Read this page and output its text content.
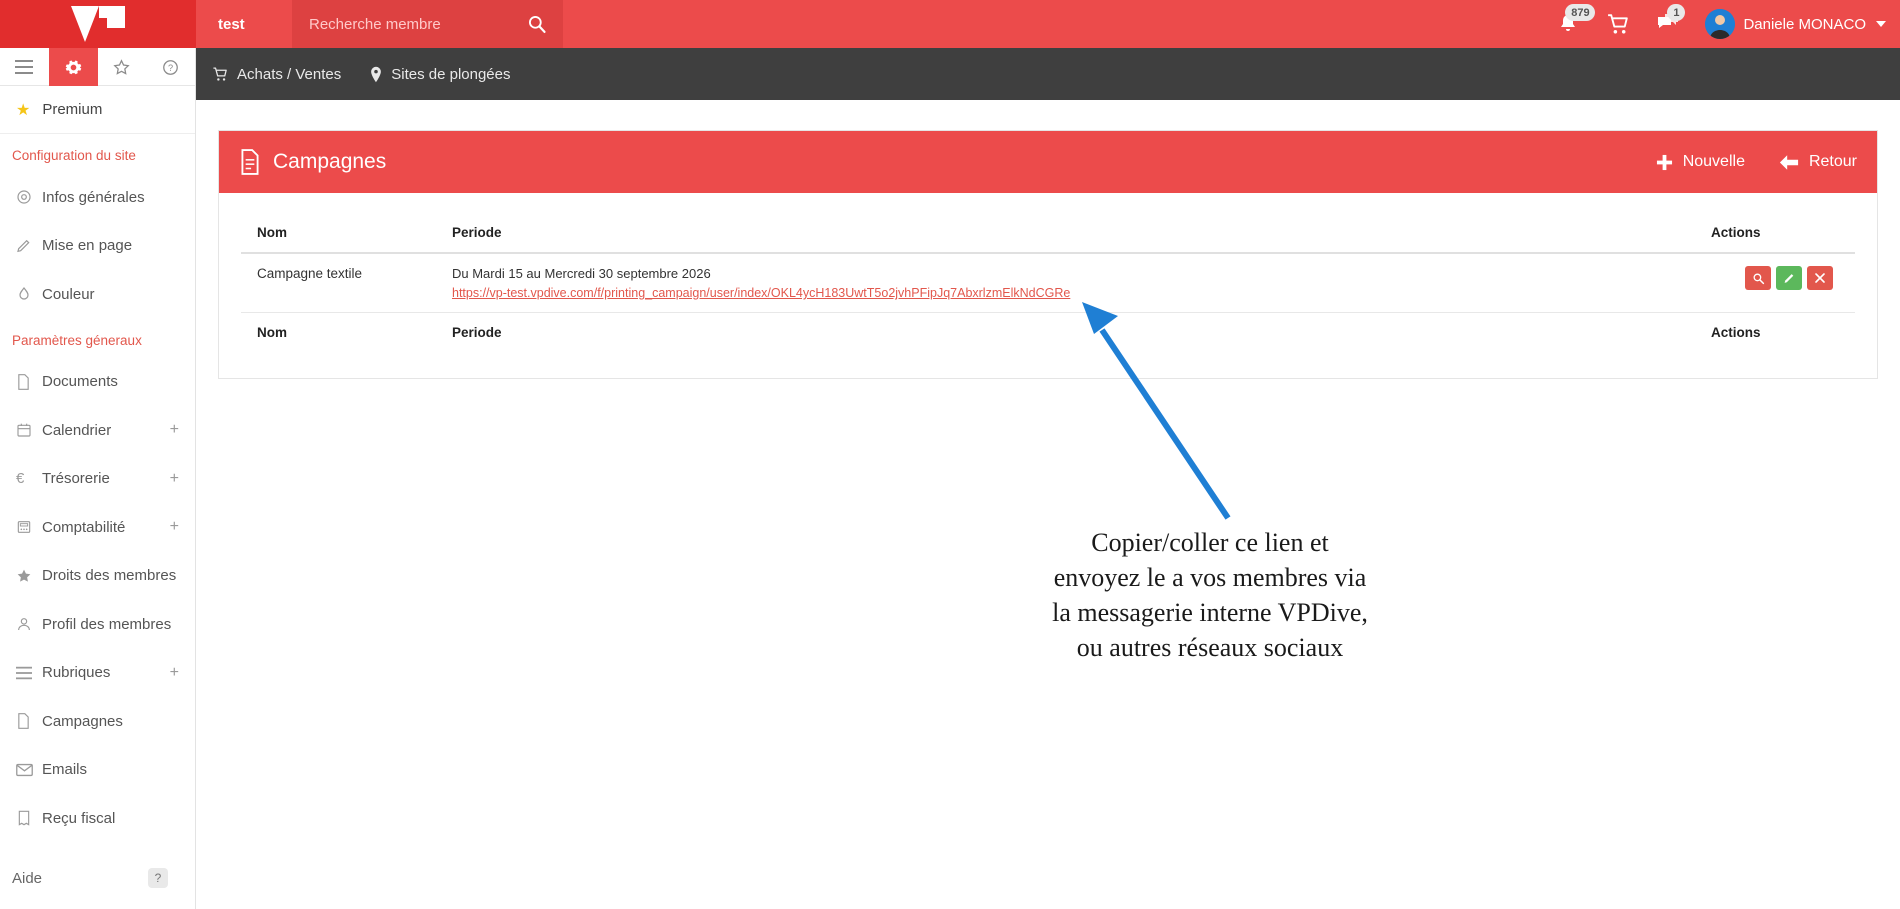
test
Recherche membre
879	1
Daniele MONACO
?
★ Premium
Configuration du site
Infos générales
Mise en page
Couleur
Paramètres géneraux
Documents
Calendrier	+
€	Trésorerie	+
Comptabilité	+
Droits des membres
Profil des membres
Rubriques	+
Campagnes
Emails
Reçu fiscal
Aide	?
Achats / Ventes	Sites de plongées
Campagnes	Nouvelle	Retour
Nom	Periode	Actions
Campagne textile	Du Mardi 15 au Mercredi 30 septembre 2026
https://vp-test.vpdive.com/f/printing_campaign/user/index/OKL4ycH183UwtT5o2jvhPFipJq7AbxrlzmElkNdCGRe

Nom	Periode	Actions
Copier/coller ce lien et
envoyez le a vos membres via
la messagerie interne VPDive,
ou autres réseaux sociaux
